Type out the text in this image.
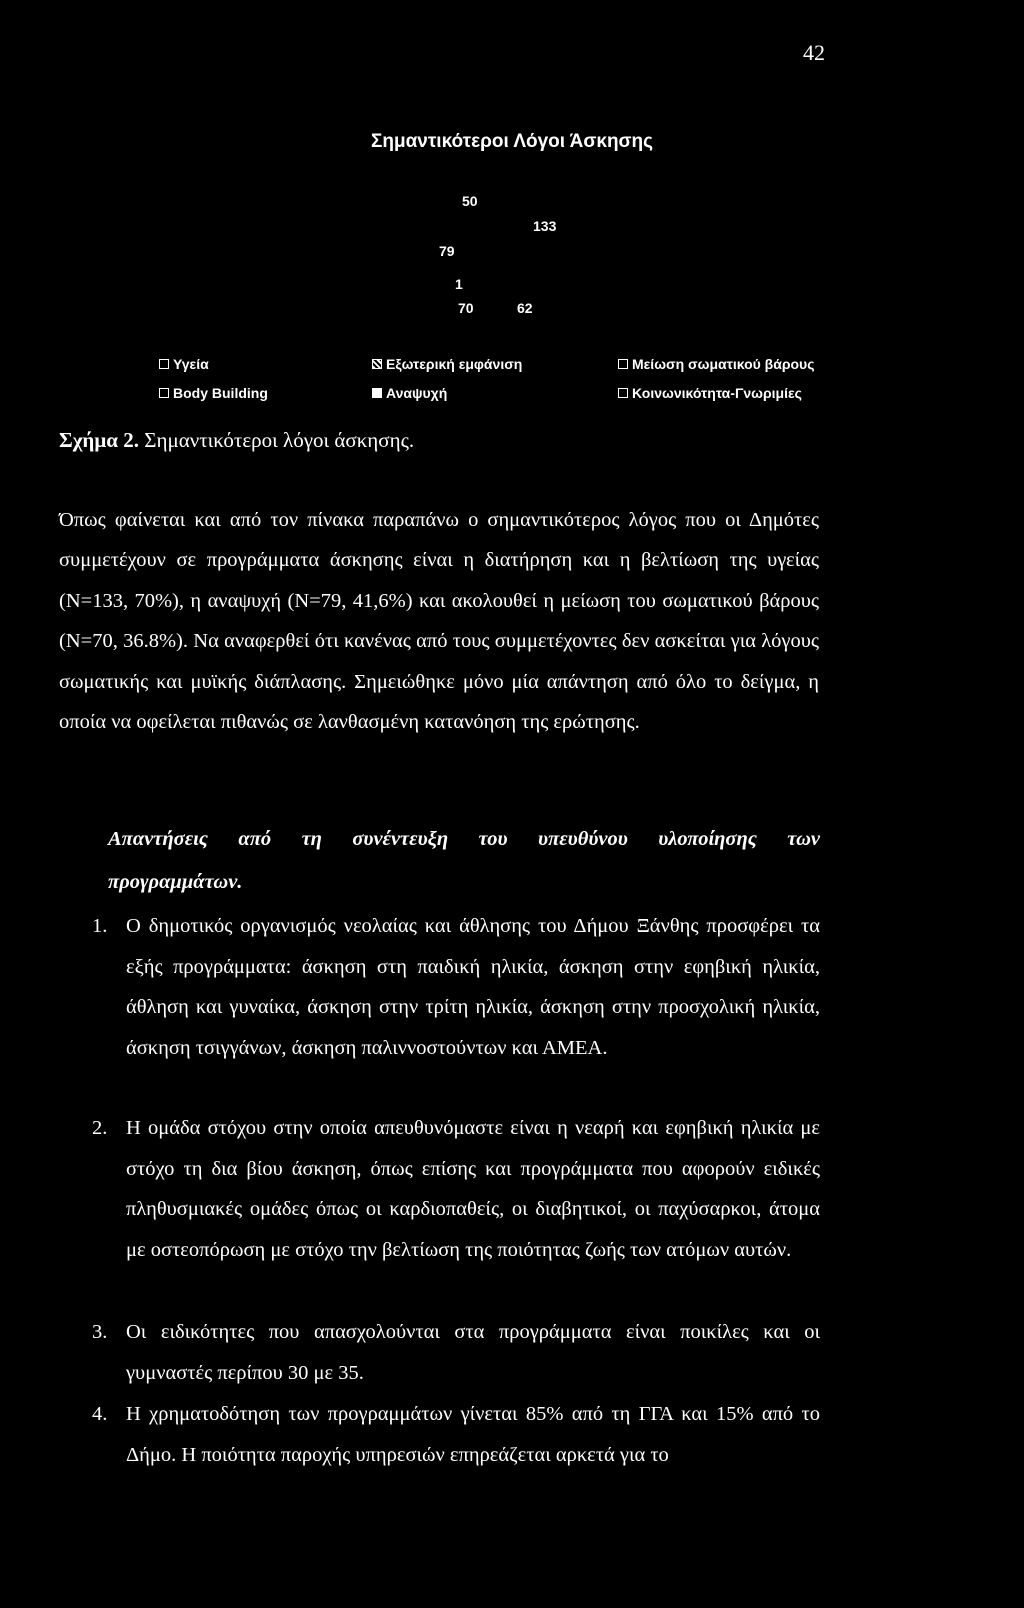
42
Σημαντικότεροι Λόγοι Άσκησης
50
133
79
1
70	62
Υγεία	Εξωτερική εμφάνιση	Μείωση σωματικού βάρους
Body Building	Αναψυχή	Κοινωνικότητα-Γνωριμίες
Σχήμα 2. Σημαντικότεροι λόγοι άσκησης.

Όπως φαίνεται και από τον πίνακα παραπάνω ο σημαντικότερος λόγος που οι Δημότες συμμετέχουν σε προγράμματα άσκησης είναι η διατήρηση και η βελτίωση της υγείας (Ν=133, 70%), η αναψυχή (Ν=79, 41,6%) και ακολουθεί η μείωση του σωματικού βάρους (Ν=70, 36.8%). Να αναφερθεί ότι κανένας από τους συμμετέχοντες δεν ασκείται για λόγους σωματικής και μυϊκής διάπλασης. Σημειώθηκε μόνο μία απάντηση από όλο το δείγμα, η οποία να οφείλεται πιθανώς σε λανθασμένη κατανόηση της ερώτησης.

Απαντήσεις από τη συνέντευξη του υπευθύνου υλοποίησης των

προγραμμάτων.

1. Ο δημοτικός οργανισμός νεολαίας και άθλησης του Δήμου Ξάνθης προσφέρει τα εξής προγράμματα: άσκηση στη παιδική ηλικία, άσκηση στην εφηβική ηλικία, άθληση και γυναίκα, άσκηση στην τρίτη ηλικία, άσκηση στην προσχολική ηλικία, άσκηση τσιγγάνων, άσκηση παλιννοστούντων και ΑΜΕΑ.

2. Η ομάδα στόχου στην οποία απευθυνόμαστε είναι η νεαρή και εφηβική ηλικία με στόχο τη δια βίου άσκηση, όπως επίσης και προγράμματα που αφορούν ειδικές πληθυσμιακές ομάδες όπως οι καρδιοπαθείς, οι διαβητικοί, οι παχύσαρκοι, άτομα με οστεοπόρωση με στόχο την βελτίωση της ποιότητας ζωής των ατόμων αυτών.

3. Οι ειδικότητες που απασχολούνται στα προγράμματα είναι ποικίλες και οι γυμναστές περίπου 30 με 35.

4. Η χρηματοδότηση των προγραμμάτων γίνεται 85% από τη ΓΓΑ και 15% από το Δήμο. Η ποιότητα παροχής υπηρεσιών επηρεάζεται αρκετά για το
